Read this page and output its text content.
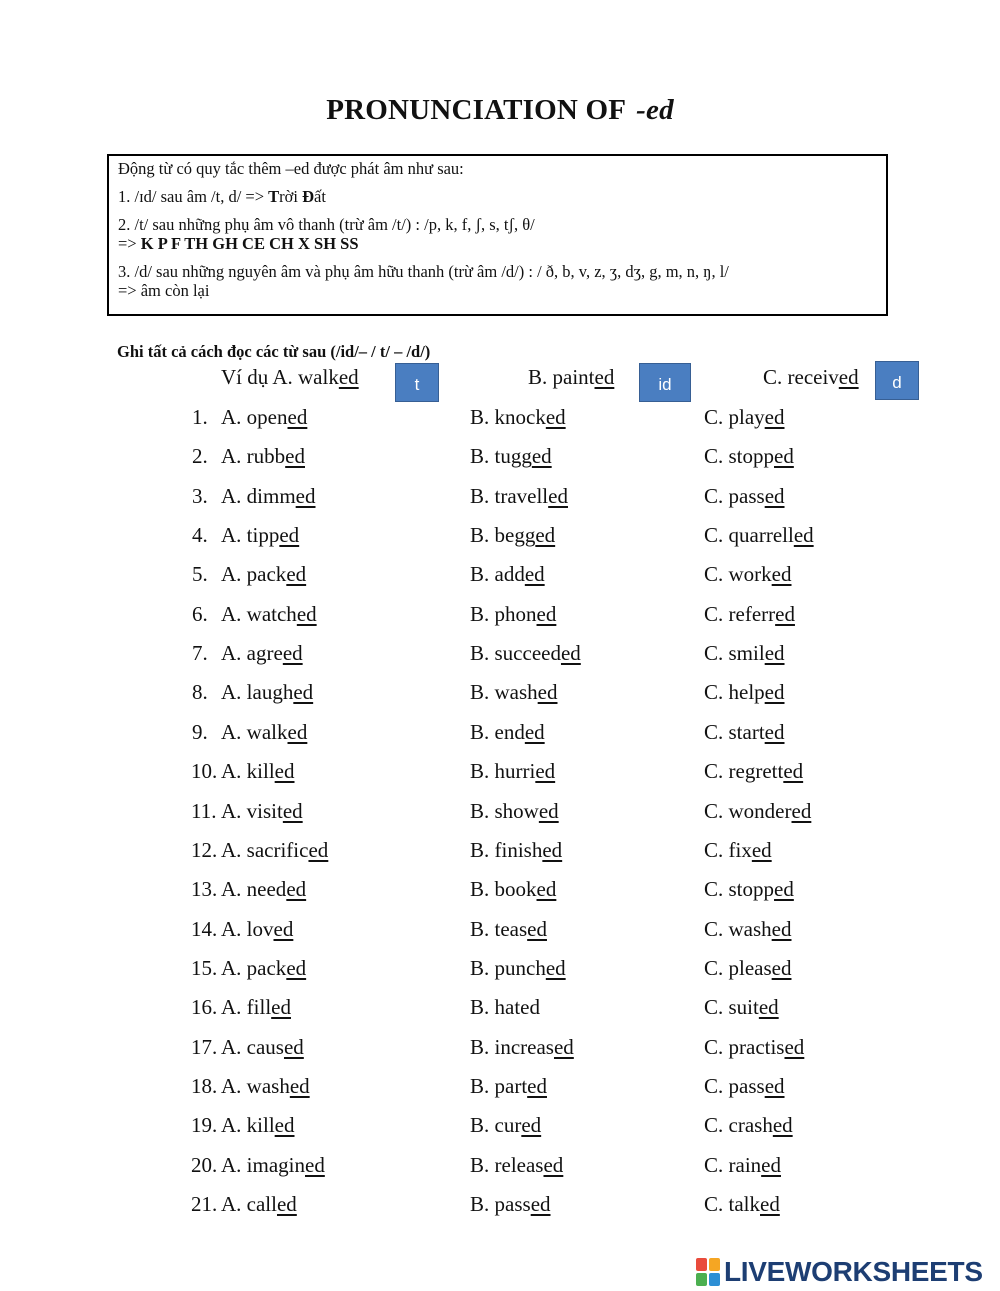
PRONUNCIATION OF -ed
Động từ có quy tắc thêm –ed được phát âm như sau:
1. /ɪd/ sau âm /t, d/ => Trời Đất
2. /t/ sau những phụ âm vô thanh (trừ âm /t/) : /p, k, f, ʃ, s, tʃ, θ/
=> K P F TH GH CE CH X SH SS
3. /d/ sau những nguyên âm và phụ âm hữu thanh (trừ âm /d/) : / ð, b, v, z, ʒ, dʒ, g, m, n, ŋ, l/
=> âm còn lại
Ghi tất cả cách đọc các từ sau (/id/– / t/ – /d/)
Ví dụ A. walked	t	B. painted	id	C. received	d
1. A. opened	B. knocked	C. played
2. A. rubbed	B. tugged	C. stopped
3. A. dimmed	B. travelled	C. passed
4. A. tipped	B. begged	C. quarrelled
5. A. packed	B. added	C. worked
6. A. watched	B. phoned	C. referred
7. A. agreed	B. succeeded	C. smiled
8. A. laughed	B. washed	C. helped
9. A. walked	B. ended	C. started
10. A. killed	B. hurried	C. regretted
11. A. visited	B. showed	C. wondered
12. A. sacrificed	B. finished	C. fixed
13. A. needed	B. booked	C. stopped
14. A. loved	B. teased	C. washed
15. A. packed	B. punched	C. pleased
16. A. filled	B. hated	C. suited
17. A. caused	B. increased	C. practised
18. A. washed	B. parted	C. passed
19. A. killed	B. cured	C. crashed
20. A. imagined	B. released	C. rained
21. A. called	B. passed	C. talked
LIVEWORKSHEETS
